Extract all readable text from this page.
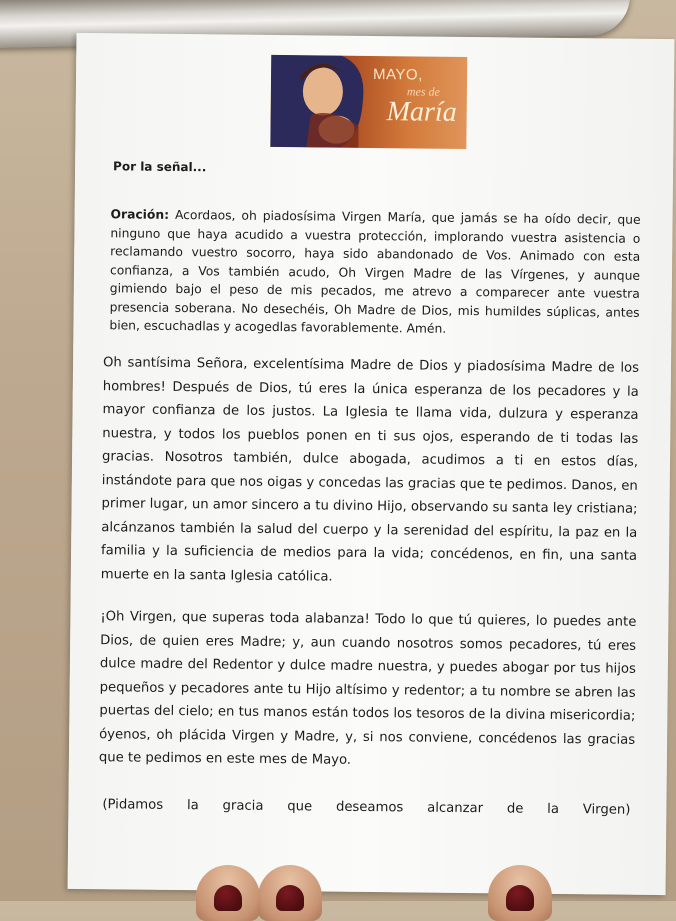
MAYO,
mes de
María
Por la señal...
Oración: Acordaos, oh piadosísima Virgen María, que jamás se ha oído decir, que ninguno que haya acudido a vuestra protección, implorando vuestra asistencia o reclamando vuestro socorro, haya sido abandonado de Vos. Animado con esta confianza, a Vos también acudo, Oh Virgen Madre de las Vírgenes, y aunque gimiendo bajo el peso de mis pecados, me atrevo a comparecer ante vuestra presencia soberana. No desechéis, Oh Madre de Dios, mis humildes súplicas, antes bien, escuchadlas y acogedlas favorablemente. Amén.
Oh santísima Señora, excelentísima Madre de Dios y piadosísima Madre de los hombres! Después de Dios, tú eres la única esperanza de los pecadores y la mayor confianza de los justos. La Iglesia te llama vida, dulzura y esperanza nuestra, y todos los pueblos ponen en ti sus ojos, esperando de ti todas las gracias. Nosotros también, dulce abogada, acudimos a ti en estos días, instándote para que nos oigas y concedas las gracias que te pedimos. Danos, en primer lugar, un amor sincero a tu divino Hijo, observando su santa ley cristiana; alcánzanos también la salud del cuerpo y la serenidad del espíritu, la paz en la familia y la suficiencia de medios para la vida; concédenos, en fin, una santa muerte en la santa Iglesia católica.
¡Oh Virgen, que superas toda alabanza! Todo lo que tú quieres, lo puedes ante Dios, de quien eres Madre; y, aun cuando nosotros somos pecadores, tú eres dulce madre del Redentor y dulce madre nuestra, y puedes abogar por tus hijos pequeños y pecadores ante tu Hijo altísimo y redentor; a tu nombre se abren las puertas del cielo; en tus manos están todos los tesoros de la divina misericordia; óyenos, oh plácida Virgen y Madre, y, si nos conviene, concédenos las gracias que te pedimos en este mes de Mayo.
(Pidamos la gracia que deseamos alcanzar de la Virgen)
